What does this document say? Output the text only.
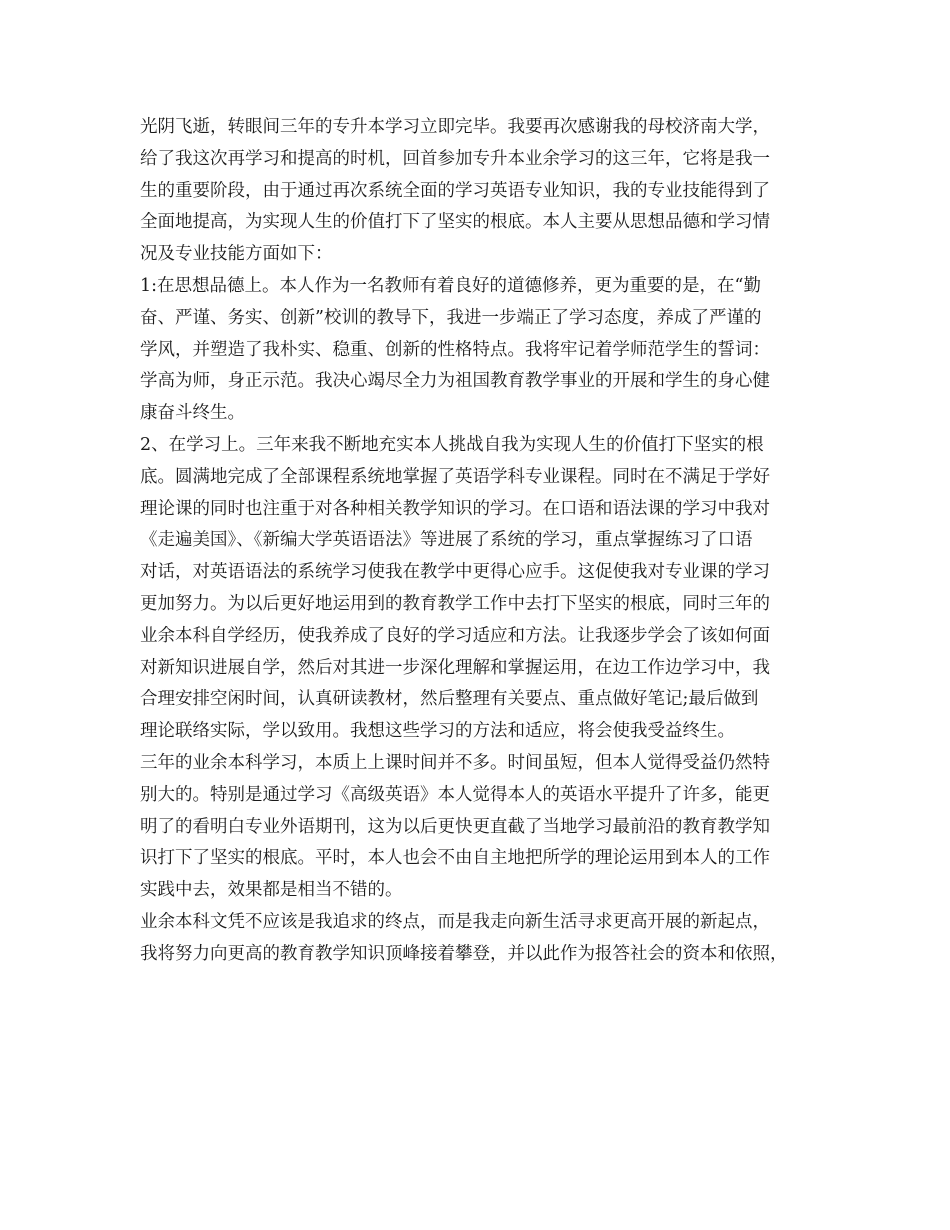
光阴飞逝，转眼间三年的专升本学习立即完毕。我要再次感谢我的母校济南大学，
给了我这次再学习和提高的时机，回首参加专升本业余学习的这三年，它将是我一
生的重要阶段，由于通过再次系统全面的学习英语专业知识，我的专业技能得到了
全面地提高，为实现人生的价值打下了坚实的根底。本人主要从思想品德和学习情
况及专业技能方面如下：
1:在思想品德上。本人作为一名教师有着良好的道德修养，更为重要的是，在“勤
奋、严谨、务实、创新”校训的教导下，我进一步端正了学习态度，养成了严谨的
学风，并塑造了我朴实、稳重、创新的性格特点。我将牢记着学师范学生的誓词：
学高为师，身正示范。我决心竭尽全力为祖国教育教学事业的开展和学生的身心健
康奋斗终生。
2、在学习上。三年来我不断地充实本人挑战自我为实现人生的价值打下坚实的根
底。圆满地完成了全部课程系统地掌握了英语学科专业课程。同时在不满足于学好
理论课的同时也注重于对各种相关教学知识的学习。在口语和语法课的学习中我对
《走遍美国》、《新编大学英语语法》等进展了系统的学习，重点掌握练习了口语
对话，对英语语法的系统学习使我在教学中更得心应手。这促使我对专业课的学习
更加努力。为以后更好地运用到的教育教学工作中去打下坚实的根底，同时三年的
业余本科自学经历，使我养成了良好的学习适应和方法。让我逐步学会了该如何面
对新知识进展自学，然后对其进一步深化理解和掌握运用，在边工作边学习中，我
合理安排空闲时间，认真研读教材，然后整理有关要点、重点做好笔记;最后做到
理论联络实际，学以致用。我想这些学习的方法和适应，将会使我受益终生。
三年的业余本科学习，本质上上课时间并不多。时间虽短，但本人觉得受益仍然特
别大的。特别是通过学习《高级英语》本人觉得本人的英语水平提升了许多，能更
明了的看明白专业外语期刊，这为以后更快更直截了当地学习最前沿的教育教学知
识打下了坚实的根底。平时，本人也会不由自主地把所学的理论运用到本人的工作
实践中去，效果都是相当不错的。
业余本科文凭不应该是我追求的终点，而是我走向新生活寻求更高开展的新起点，
我将努力向更高的教育教学知识顶峰接着攀登，并以此作为报答社会的资本和依照，
